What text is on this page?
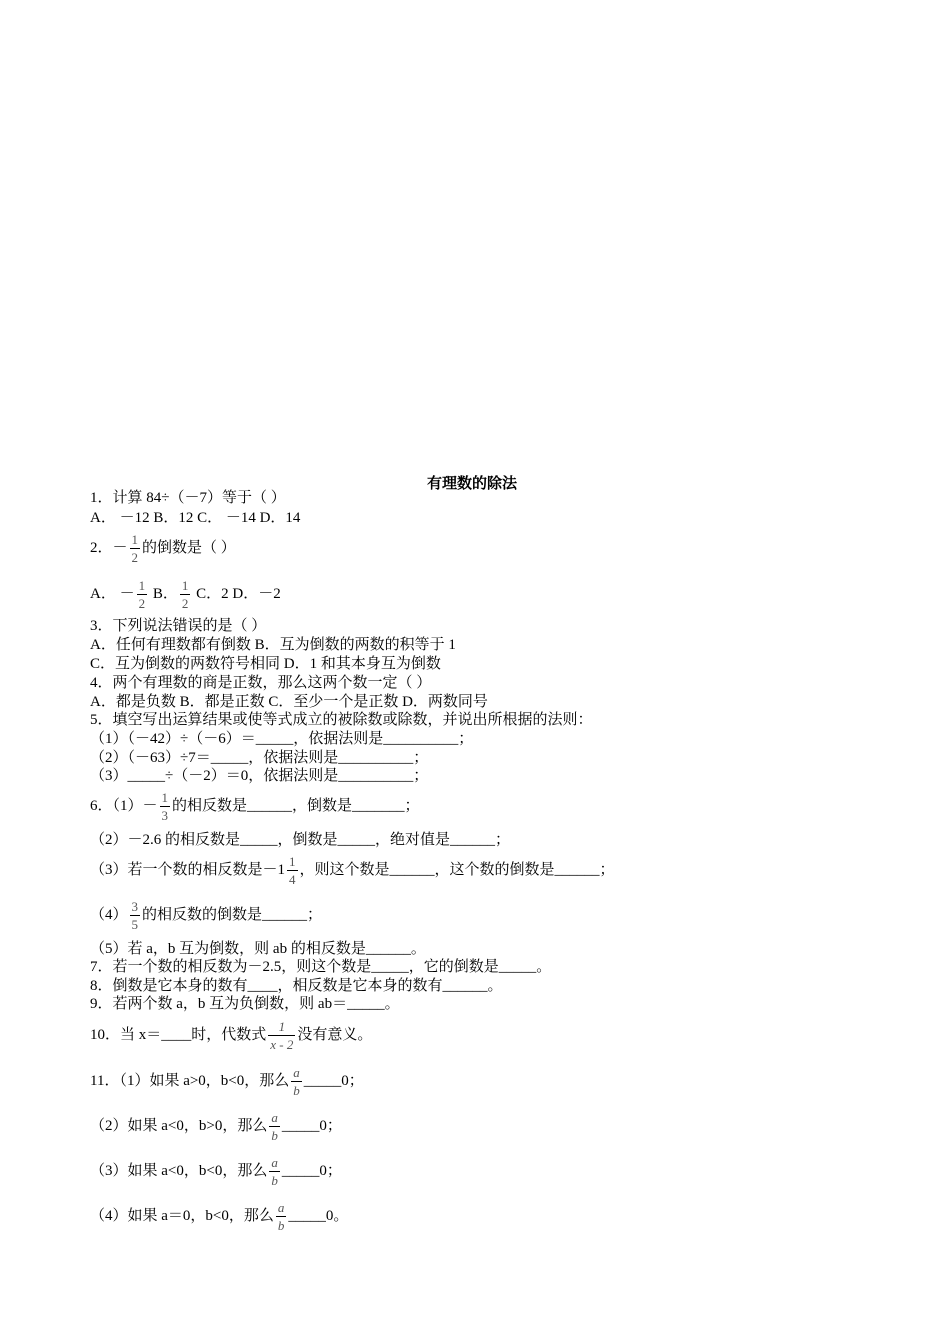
有理数的除法
1．计算 84÷（－7）等于（ ）
A． －12 B．12 C． －14 D．14
2．－ $\frac{1}{2}$ 的倒数是（ ）
A． － $\frac{1}{2}$ B． $\frac{1}{2}$ C．2 D．－2
3．下列说法错误的是（ ）
A．任何有理数都有倒数 B．互为倒数的两数的积等于 1
C．互为倒数的两数符号相同 D．1 和其本身互为倒数
4．两个有理数的商是正数，那么这两个数一定（ ）
A．都是负数 B．都是正数 C．至少一个是正数 D．两数同号
5．填空写出运算结果或使等式成立的被除数或除数，并说出所根据的法则：
（1）（－42）÷（－6）＝_____，依据法则是__________；
（2）（－63）÷7＝_____，依据法则是__________；
（3）_____÷（－2）＝0，依据法则是__________；
6．$(1)- \frac{1}{3}$ 的相反数是______，倒数是_______；
（2）－2.6 的相反数是_____，倒数是_____，绝对值是______；
（3）若一个数的相反数是$-1 \frac{1}{4}$ ，则这个数是______，这个数的倒数是______；
$(4) \frac{3}{5}$ 的相反数的倒数是______；
（5）若 a，b 互为倒数，则 ab 的相反数是______。
7．若一个数的相反数为－2.5，则这个数是_____，它的倒数是_____。
8．倒数是它本身的数有____，相反数是它本身的数有______。
9．若两个数 a，b 互为负倒数，则 ab＝_____。
10．当 x＝____时，代数式 $\frac{1}{x - 2}$ 没有意义。
11．（1）如果 a>0，b<0，那么 $\frac{a}{b}$ _____0；
（2）如果 a<0，b>0，那么 $\frac{a}{b}$ _____0；
（3）如果 a<0，b<0，那么 $\frac{a}{b}$ _____0；
（4）如果 a＝0，b<0，那么 $\frac{a}{b}$ _____0。
